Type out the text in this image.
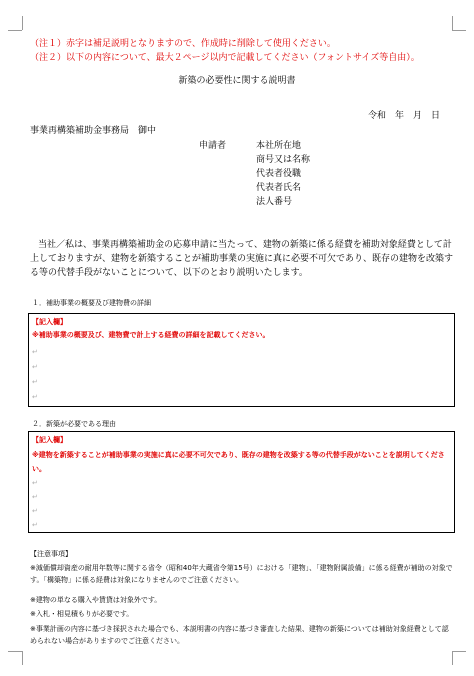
（注１）赤字は補足説明となりますので、作成時に削除して使用ください。
（注２）以下の内容について、最大２ページ以内で記載してください（フォントサイズ等自由）。
新築の必要性に関する説明書
令和　年　月　日
事業再構築補助金事務局　御中
申請者	本社所在地
商号又は名称
代表者役職
代表者氏名
法人番号
当社／私は、事業再構築補助金の応募申請に当たって、建物の新築に係る経費を補助対象経費として計上しておりますが、建物を新築することが補助事業の実施に真に必要不可欠であり、既存の建物を改築する等の代替手段がないことについて、以下のとおり説明いたします。
１．補助事業の概要及び建物費の詳細
【記入欄】
※補助事業の概要及び、建物費で計上する経費の詳細を記載してください。
↵
↵
↵
↵
２．新築が必要である理由
【記入欄】
※建物を新築することが補助事業の実施に真に必要不可欠であり、既存の建物を改築する等の代替手段がないことを説明してください。
↵
↵
↵
↵
【注意事項】
※減価償却資産の耐用年数等に関する省令（昭和40年大蔵省令第15号）における「建物」、「建物附属設備」に係る経費が補助の対象です。「構築物」に係る経費は対象になりませんのでご注意ください。
※建物の単なる購入や賃貸は対象外です。
※入札・相見積もりが必要です。
※事業計画の内容に基づき採択された場合でも、本説明書の内容に基づき審査した結果、建物の新築については補助対象経費として認められない場合がありますのでご注意ください。
